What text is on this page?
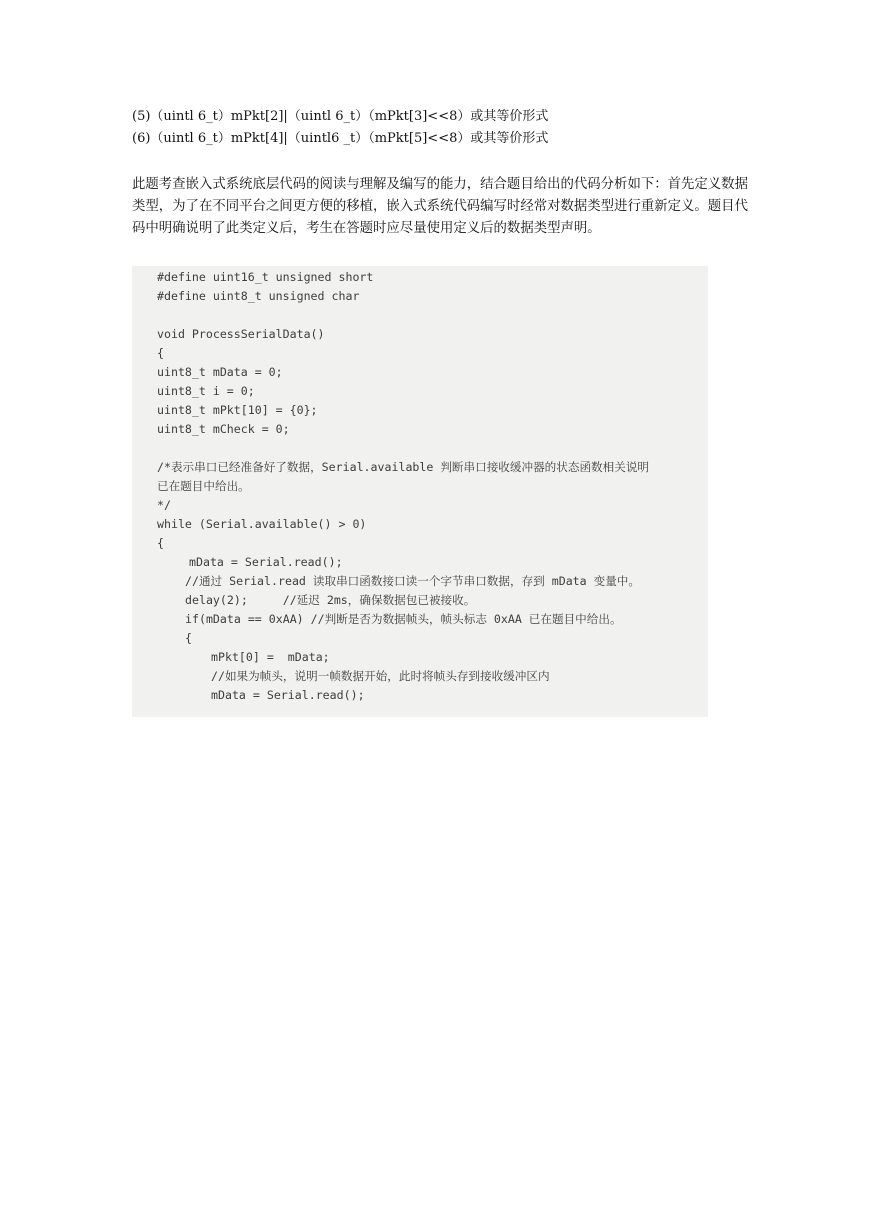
(5)（uintl 6_t）mPkt[2]|（uintl 6_t）（mPkt[3]<<8）或其等价形式
(6)（uintl 6_t）mPkt[4]|（uintl6 _t）（mPkt[5]<<8）或其等价形式
此题考查嵌入式系统底层代码的阅读与理解及编写的能力，结合题目给出的代码分析如下：首先定义数据类型，为了在不同平台之间更方便的移植，嵌入式系统代码编写时经常对数据类型进行重新定义。题目代码中明确说明了此类定义后，考生在答题时应尽量使用定义后的数据类型声明。
#define uint16_t unsigned short
#define uint8_t unsigned char
void ProcessSerialData()
{
uint8_t mData = 0;
uint8_t i = 0;
uint8_t mPkt[10] = {0};
uint8_t mCheck = 0;
/*表示串口已经准备好了数据，Serial.available 判断串口接收缓冲器的状态函数相关说明
已在题目中给出。
*/
while (Serial.available() > 0)
{
mData = Serial.read();
//通过 Serial.read 读取串口函数接口读一个字节串口数据，存到 mData 变量中。
delay(2);     //延迟 2ms，确保数据包已被接收。
if(mData == 0xAA) //判断是否为数据帧头，帧头标志 0xAA 已在题目中给出。
{
mPkt[0] =  mData;
//如果为帧头，说明一帧数据开始，此时将帧头存到接收缓冲区内
mData = Serial.read();
